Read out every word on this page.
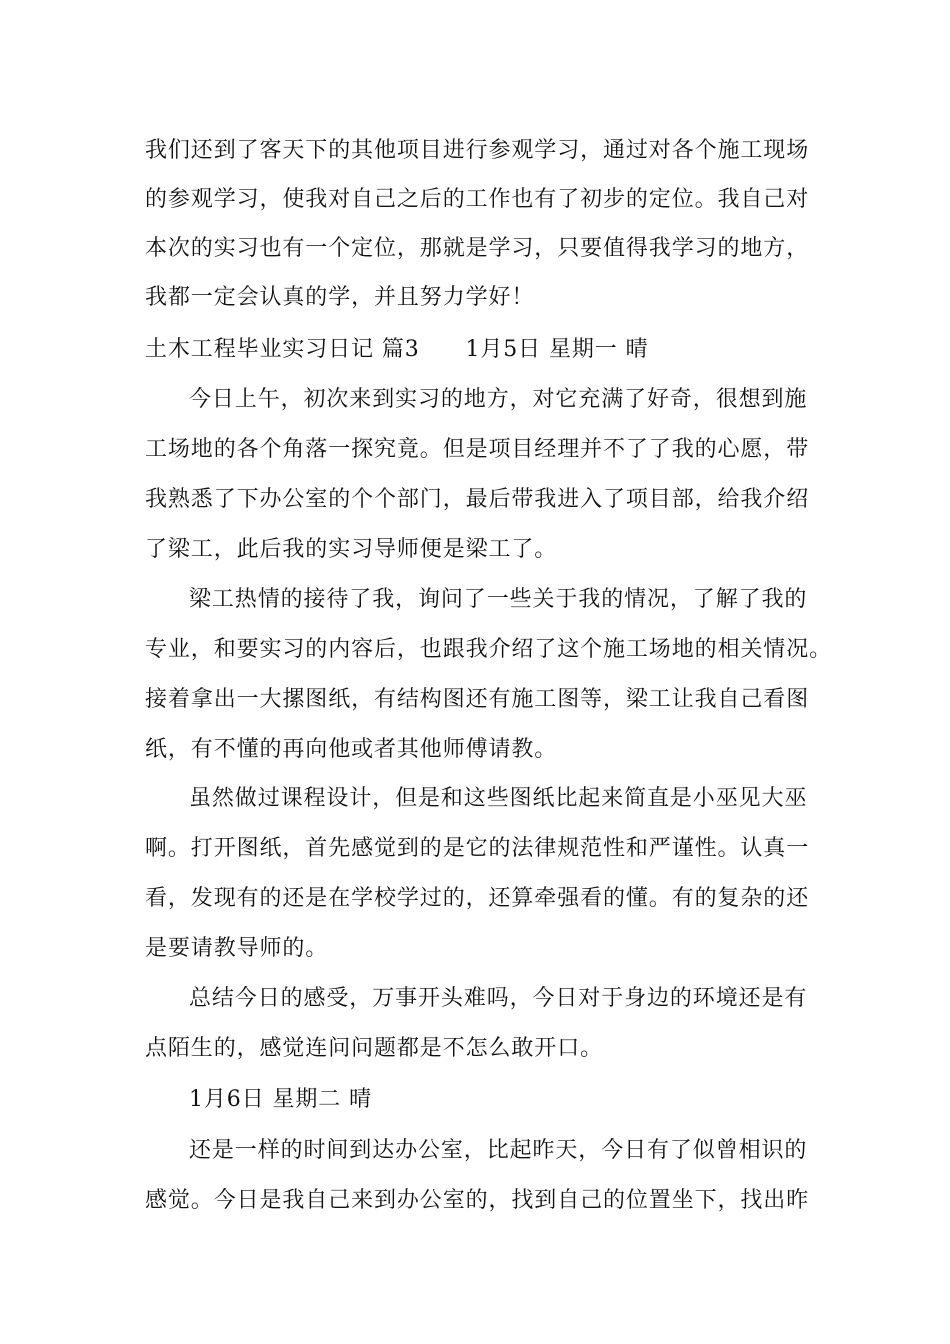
我们还到了客天下的其他项目进行参观学习，通过对各个施工现场
的参观学习，使我对自己之后的工作也有了初步的定位。我自己对
本次的实习也有一个定位，那就是学习，只要值得我学习的地方，
我都一定会认真的学，并且努力学好！
土木工程毕业实习日记 篇3　　1月5日 星期一 晴
今日上午，初次来到实习的地方，对它充满了好奇，很想到施
工场地的各个角落一探究竟。但是项目经理并不了了我的心愿，带
我熟悉了下办公室的个个部门，最后带我进入了项目部，给我介绍
了梁工，此后我的实习导师便是梁工了。
梁工热情的接待了我，询问了一些关于我的情况，了解了我的
专业，和要实习的内容后，也跟我介绍了这个施工场地的相关情况。
接着拿出一大摞图纸，有结构图还有施工图等，梁工让我自己看图
纸，有不懂的再向他或者其他师傅请教。
虽然做过课程设计，但是和这些图纸比起来简直是小巫见大巫
啊。打开图纸，首先感觉到的是它的法律规范性和严谨性。认真一
看，发现有的还是在学校学过的，还算牵强看的懂。有的复杂的还
是要请教导师的。
总结今日的感受，万事开头难吗，今日对于身边的环境还是有
点陌生的，感觉连问问题都是不怎么敢开口。
1月6日 星期二 晴
还是一样的时间到达办公室，比起昨天，今日有了似曾相识的
感觉。今日是我自己来到办公室的，找到自己的位置坐下，找出昨
